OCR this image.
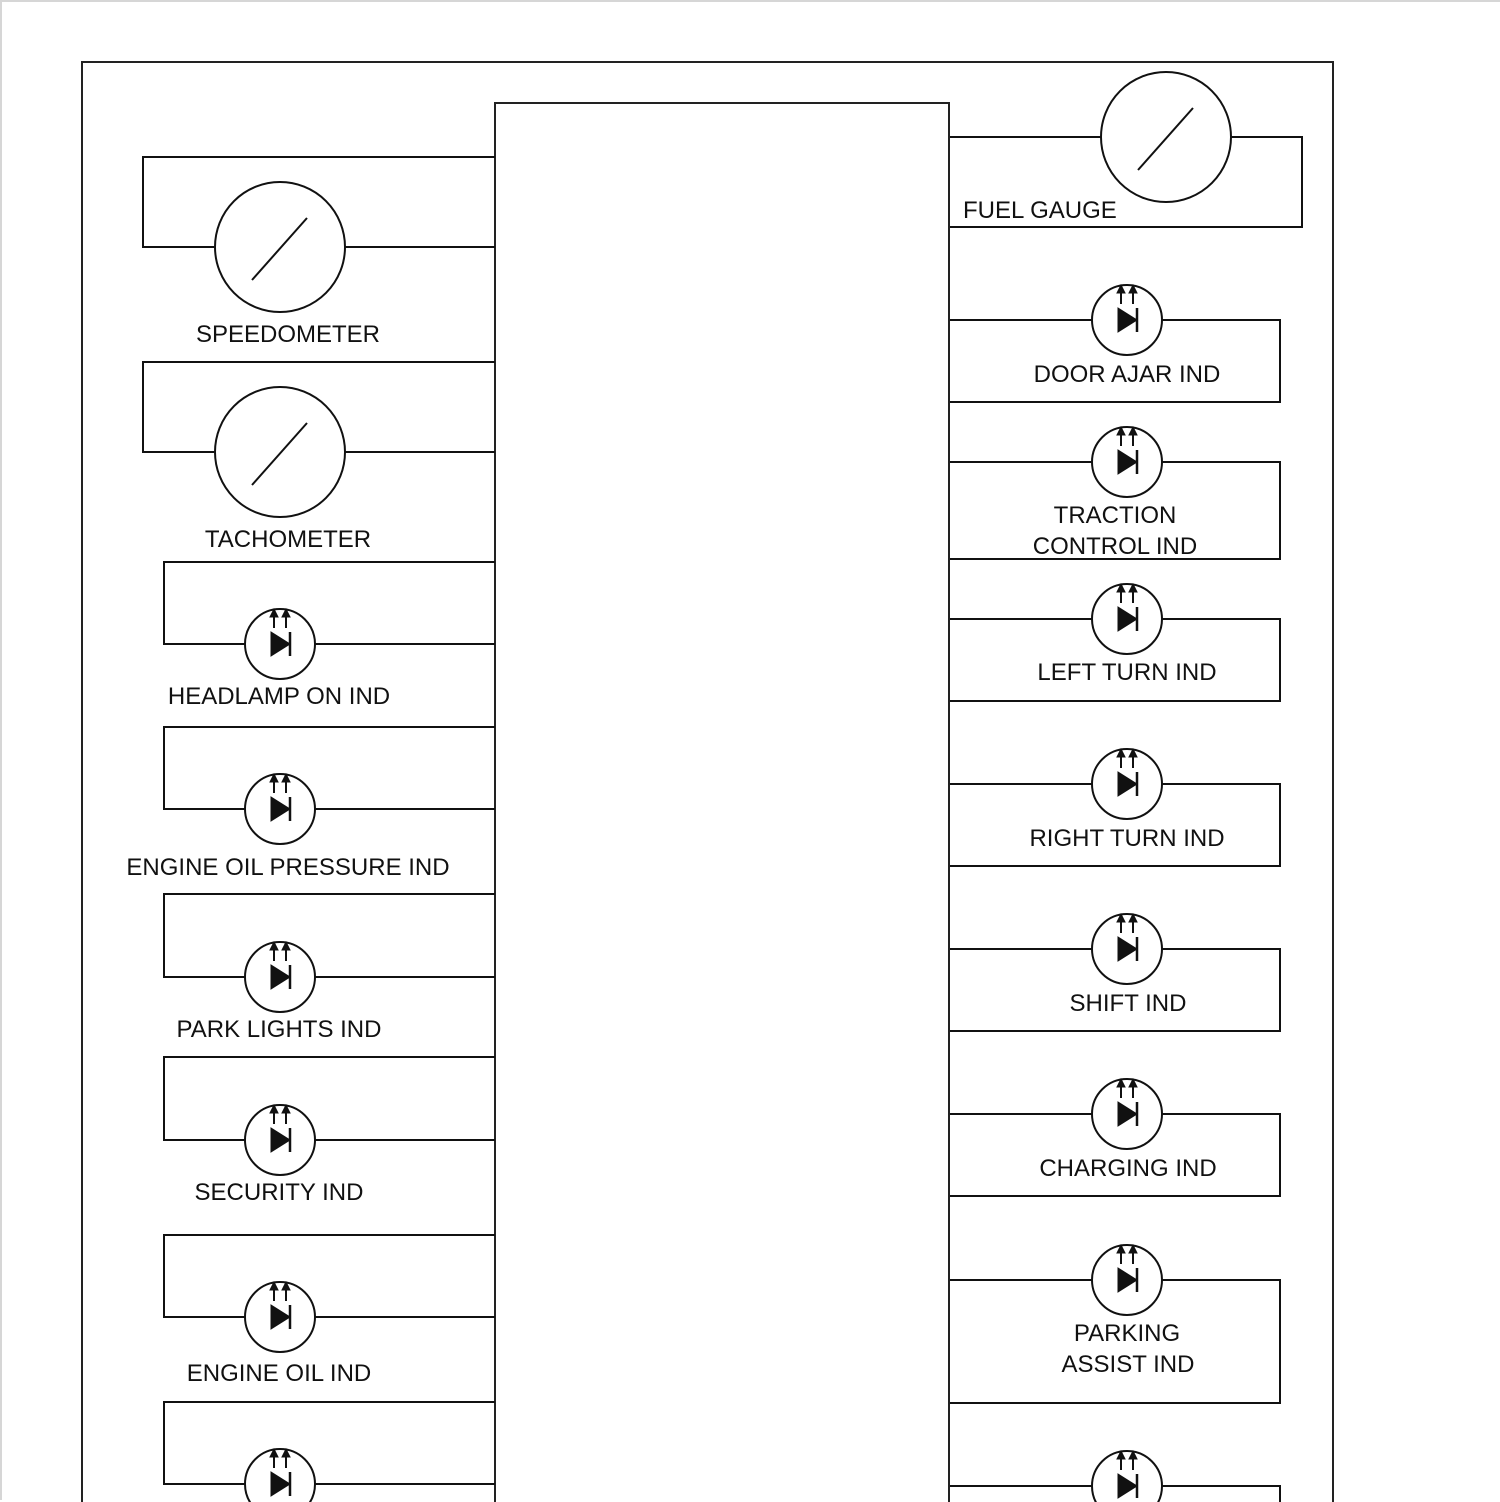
SPEEDOMETER
TACHOMETER
HEADLAMP ON IND
ENGINE OIL PRESSURE IND
PARK LIGHTS IND
SECURITY IND
ENGINE OIL IND
FUEL GAUGE
DOOR AJAR IND
TRACTION
CONTROL IND
LEFT TURN IND
RIGHT TURN IND
SHIFT IND
CHARGING IND
PARKING
ASSIST IND
